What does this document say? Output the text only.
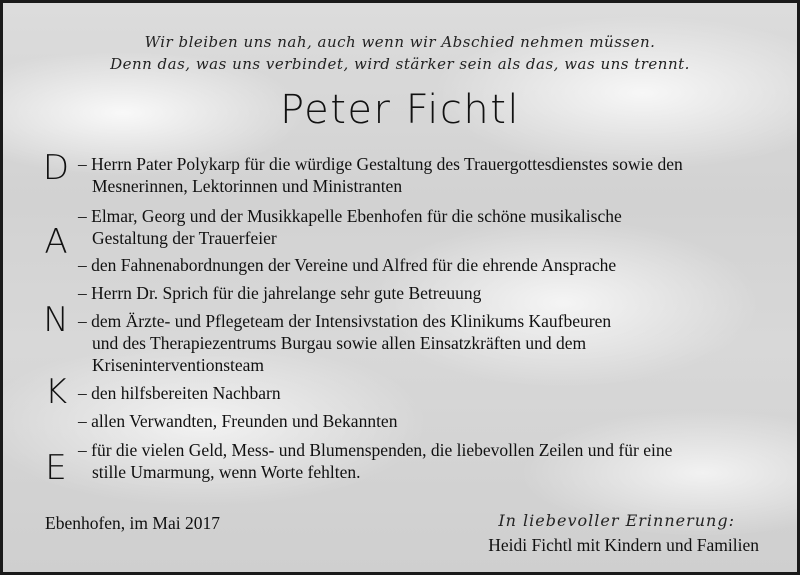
Wir bleiben uns nah, auch wenn wir Abschied nehmen müssen.
Denn das, was uns verbindet, wird stärker sein als das, was uns trennt.
Peter Fichtl
D
A
N
K
E
– Herrn Pater Polykarp für die würdige Gestaltung des Trauergottesdienstes sowie den
Mesnerinnen, Lektorinnen und Ministranten
– Elmar, Georg und der Musikkapelle Ebenhofen für die schöne musikalische
Gestaltung der Trauerfeier
– den Fahnenabordnungen der Vereine und Alfred für die ehrende Ansprache
– Herrn Dr. Sprich für die jahrelange sehr gute Betreuung
– dem Ärzte- und Pflegeteam der Intensivstation des Klinikums Kaufbeuren
und des Therapiezentrums Burgau sowie allen Einsatzkräften und dem
Kriseninterventionsteam
– den hilfsbereiten Nachbarn
– allen Verwandten, Freunden und Bekannten
– für die vielen Geld, Mess- und Blumenspenden, die liebevollen Zeilen und für eine
stille Umarmung, wenn Worte fehlten.
Ebenhofen, im Mai 2017	In liebevoller Erinnerung:
Heidi Fichtl mit Kindern und Familien
